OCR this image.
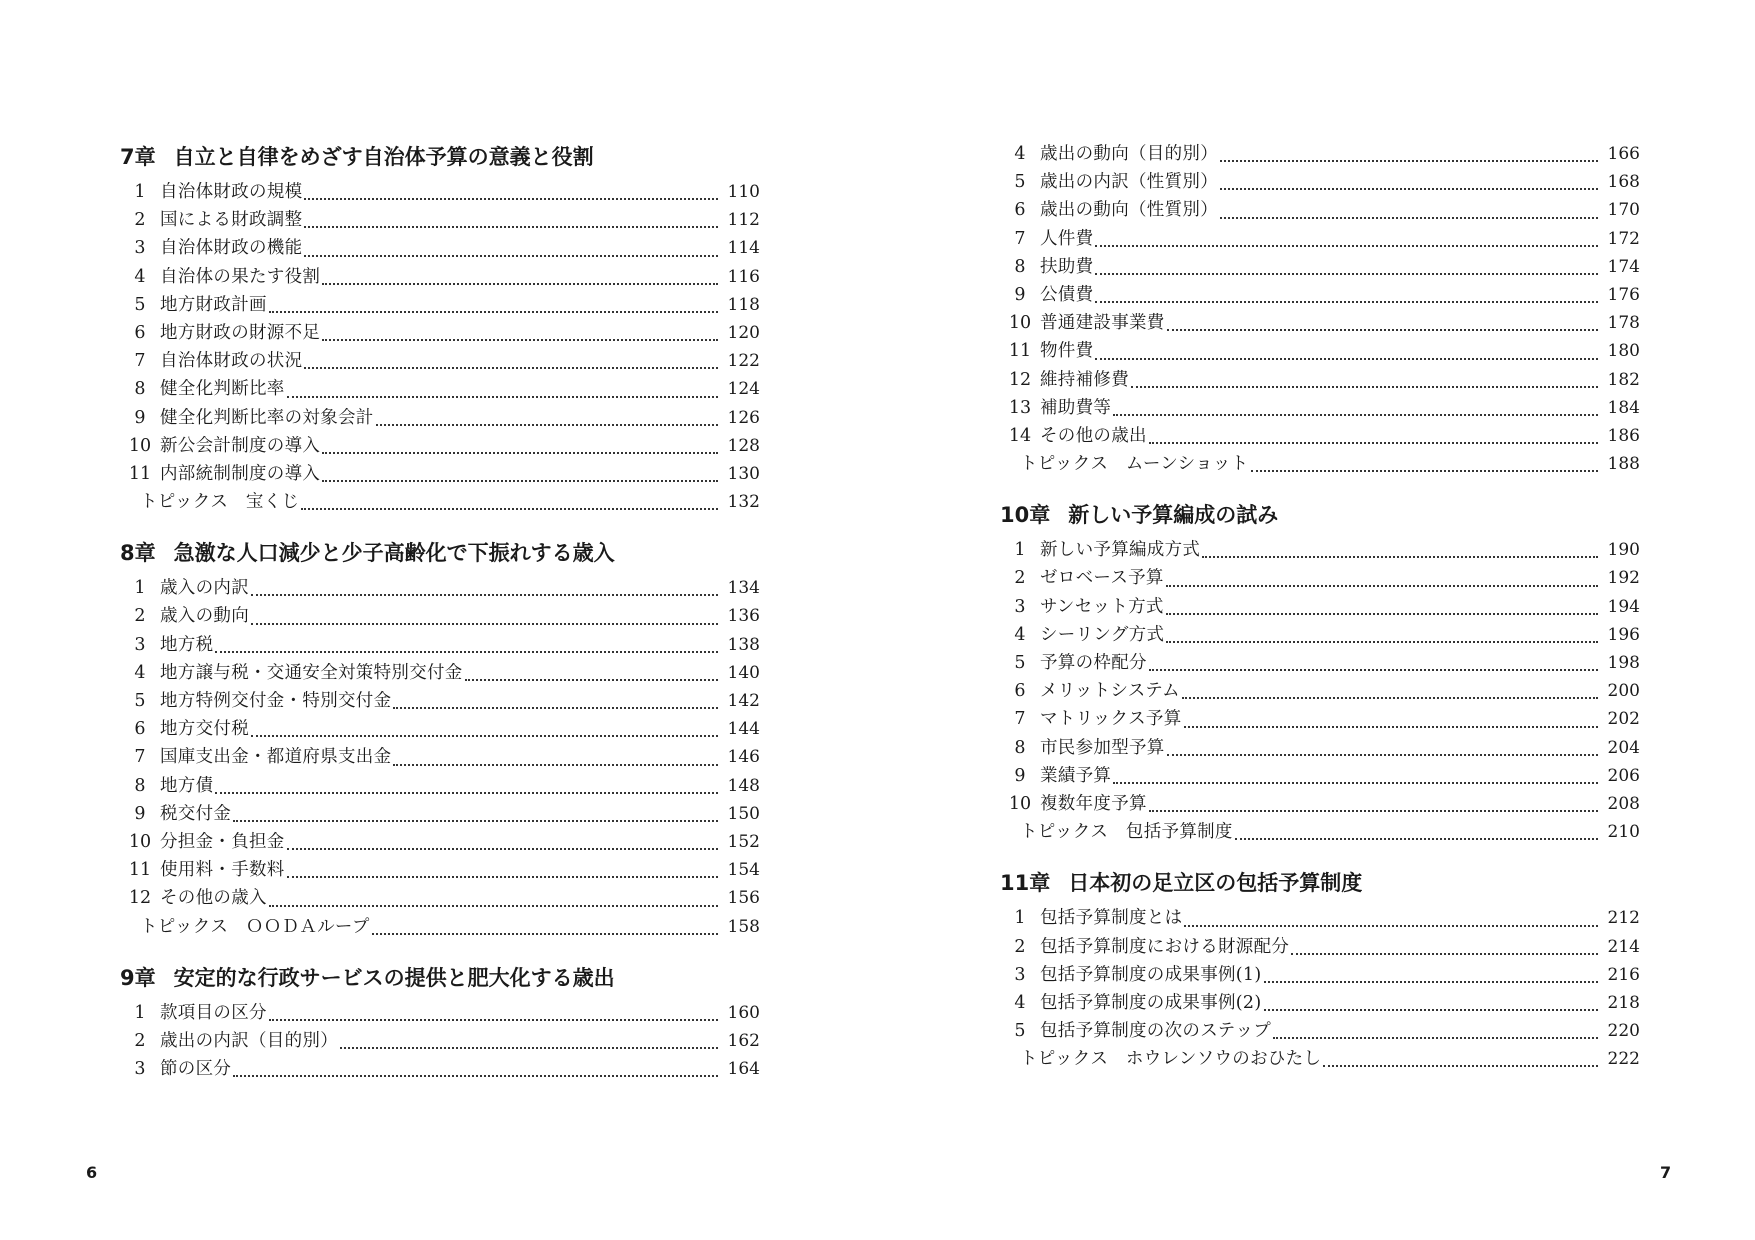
7章 自立と自律をめざす自治体予算の意義と役割
1 自治体財政の規模	110
2 国による財政調整	112
3 自治体財政の機能	114
4 自治体の果たす役割	116
5 地方財政計画	118
6 地方財政の財源不足	120
7 自治体財政の状況	122
8 健全化判断比率	124
9 健全化判断比率の対象会計	126
10 新公会計制度の導入	128
11 内部統制制度の導入	130
トピックス　宝くじ	132
8章 急激な人口減少と少子高齢化で下振れする歳入
1 歳入の内訳	134
2 歳入の動向	136
3 地方税	138
4 地方譲与税・交通安全対策特別交付金	140
5 地方特例交付金・特別交付金	142
6 地方交付税	144
7 国庫支出金・都道府県支出金	146
8 地方債	148
9 税交付金	150
10 分担金・負担金	152
11 使用料・手数料	154
12 その他の歳入	156
トピックス　ＯＯＤＡループ	158
9章 安定的な行政サービスの提供と肥大化する歳出
1 款項目の区分	160
2 歳出の内訳（目的別）	162
3 節の区分	164
4 歳出の動向（目的別）	166
5 歳出の内訳（性質別）	168
6 歳出の動向（性質別）	170
7 人件費	172
8 扶助費	174
9 公債費	176
10 普通建設事業費	178
11 物件費	180
12 維持補修費	182
13 補助費等	184
14 その他の歳出	186
トピックス　ムーンショット	188
10章 新しい予算編成の試み
1 新しい予算編成方式	190
2 ゼロベース予算	192
3 サンセット方式	194
4 シーリング方式	196
5 予算の枠配分	198
6 メリットシステム	200
7 マトリックス予算	202
8 市民参加型予算	204
9 業績予算	206
10 複数年度予算	208
トピックス　包括予算制度	210
11章 日本初の足立区の包括予算制度
1 包括予算制度とは	212
2 包括予算制度における財源配分	214
3 包括予算制度の成果事例(1)	216
4 包括予算制度の成果事例(2)	218
5 包括予算制度の次のステップ	220
トピックス　ホウレンソウのおひたし	222
6	7
